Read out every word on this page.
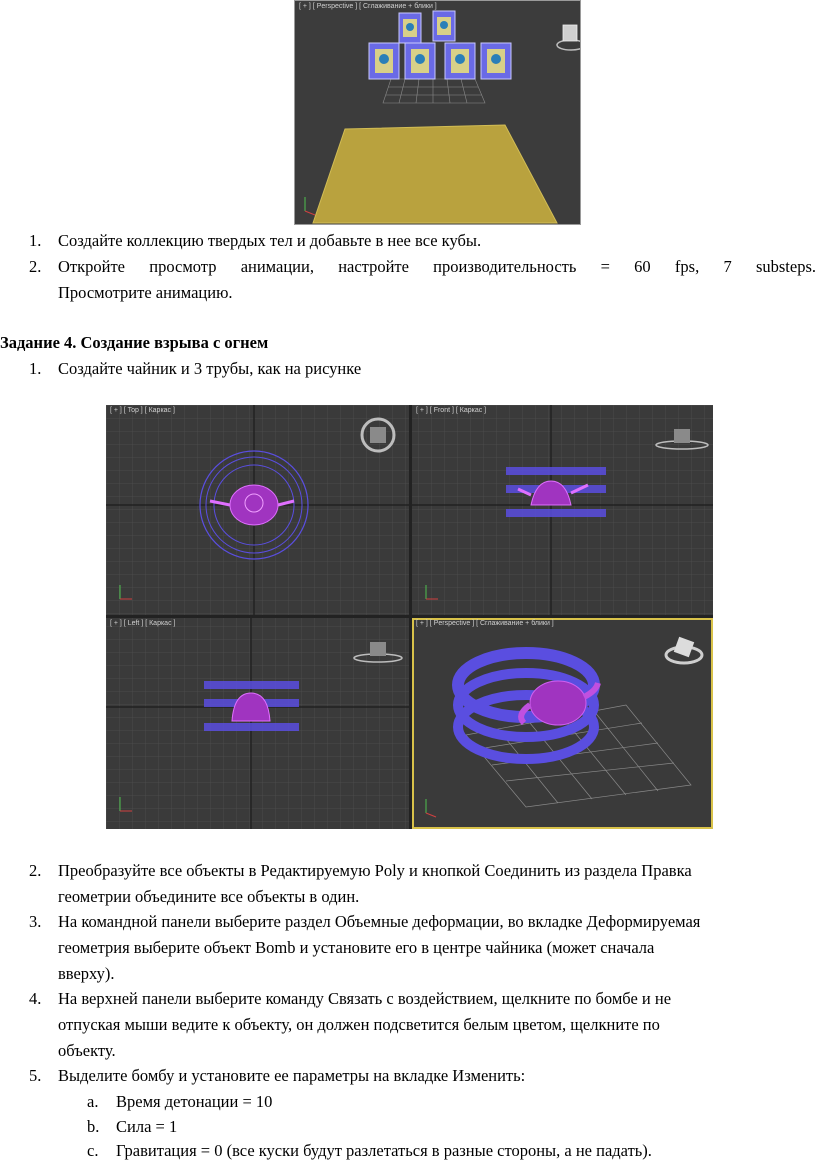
[ + ] [ Perspective ] [ Сглаживание + блики ]
1. Создайте коллекцию твердых тел и добавьте в нее все кубы.
2. Откройте просмотр анимации, настройте производительность = 60 fps, 7 substeps.
Просмотрите анимацию.
Задание 4. Создание взрыва с огнем
1. Создайте чайник и 3 трубы, как на рисунке
[ + ] [ Top ] [ Каркас ]	[ + ] [ Front ] [ Каркас ]
[ + ] [ Left ] [ Каркас ]	[ + ] [ Perspective ] [ Сглаживание + блики ]
2. Преобразуйте все объекты в Редактируемую Poly и кнопкой Соединить из раздела Правка
геометрии объедините все объекты в один.
3. На командной панели выберите раздел Объемные деформации, во вкладке Деформируемая
геометрия выберите объект Bomb и установите его в центре чайника (может сначала
вверху).
4. На верхней панели выберите команду Связать с воздействием, щелкните по бомбе и не
отпуская мыши ведите к объекту, он должен подсветится белым цветом, щелкните по
объекту.
5. Выделите бомбу и установите ее параметры на вкладке Изменить:
a. Время детонации = 10
b. Сила = 1
c. Гравитация = 0 (все куски будут разлетаться в разные стороны, а не падать).
